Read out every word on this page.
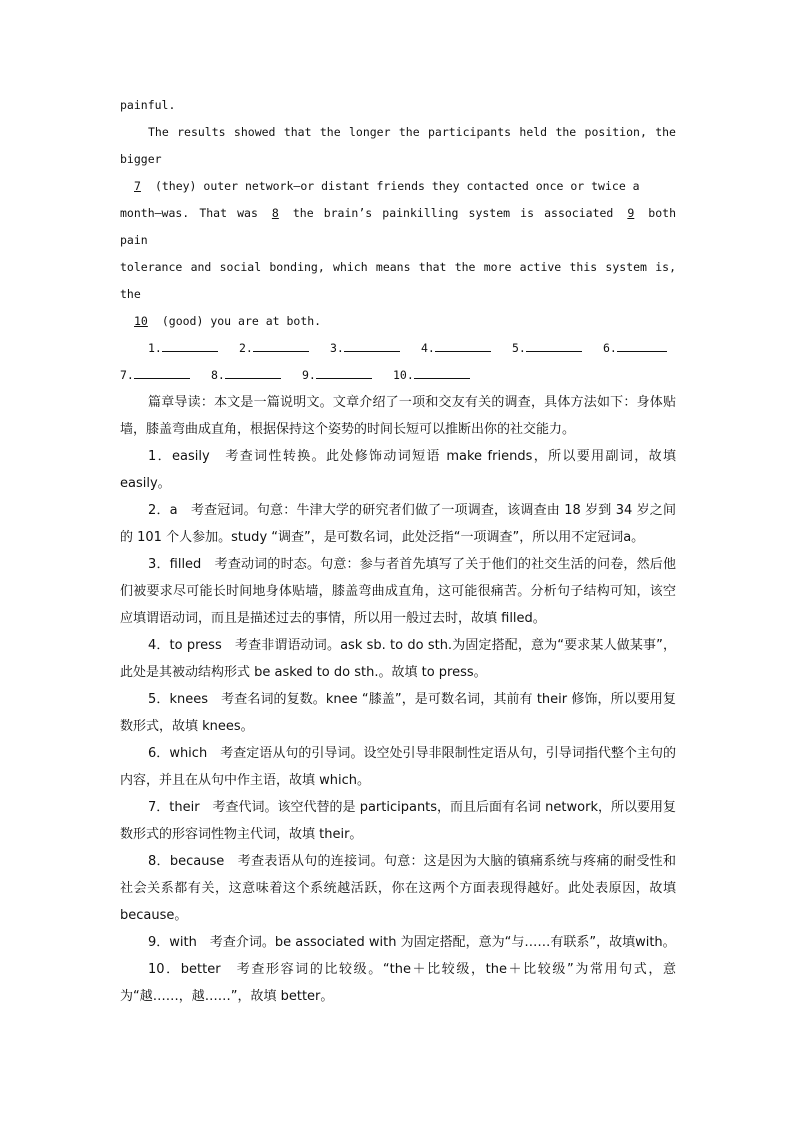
painful.

The results showed that the longer the participants held the position, the bigger

7 (they) outer network—or distant friends they contacted once or twice a

month—was. That was 8 the brain’s painkilling system is associated 9 both pain

tolerance and social bonding, which means that the more active this system is, the

10 (good) you are at both.

1.	2.	3.	4.	5.	6.
7.	8.	9.	10.

篇章导读：本文是一篇说明文。文章介绍了一项和交友有关的调查，具体方法如下：身体贴墙，膝盖弯曲成直角，根据保持这个姿势的时间长短可以推断出你的社交能力。

1．easily　考查词性转换。此处修饰动词短语 make friends，所以要用副词，故填easily。

2．a　考查冠词。句意：牛津大学的研究者们做了一项调查，该调查由 18 岁到 34 岁之间的 101 个人参加。study “调查”，是可数名词，此处泛指“一项调查”，所以用不定冠词a。

3．filled　考查动词的时态。句意：参与者首先填写了关于他们的社交生活的问卷，然后他们被要求尽可能长时间地身体贴墙，膝盖弯曲成直角，这可能很痛苦。分析句子结构可知，该空应填谓语动词，而且是描述过去的事情，所以用一般过去时，故填 filled。

4．to press　考查非谓语动词。ask sb. to do sth.为固定搭配，意为“要求某人做某事”，此处是其被动结构形式 be asked to do sth.。故填 to press。

5．knees　考查名词的复数。knee “膝盖”，是可数名词，其前有 their 修饰，所以要用复数形式，故填 knees。

6．which　考查定语从句的引导词。设空处引导非限制性定语从句，引导词指代整个主句的内容，并且在从句中作主语，故填 which。

7．their　考查代词。该空代替的是 participants，而且后面有名词 network，所以要用复数形式的形容词性物主代词，故填 their。

8．because　考查表语从句的连接词。句意：这是因为大脑的镇痛系统与疼痛的耐受性和社会关系都有关，这意味着这个系统越活跃，你在这两个方面表现得越好。此处表原因，故填 because。

9．with　考查介词。be associated with 为固定搭配，意为“与……有联系”，故填with。

10．better　考查形容词的比较级。“the＋比较级，the＋比较级”为常用句式，意为“越……，越……”，故填 better。
